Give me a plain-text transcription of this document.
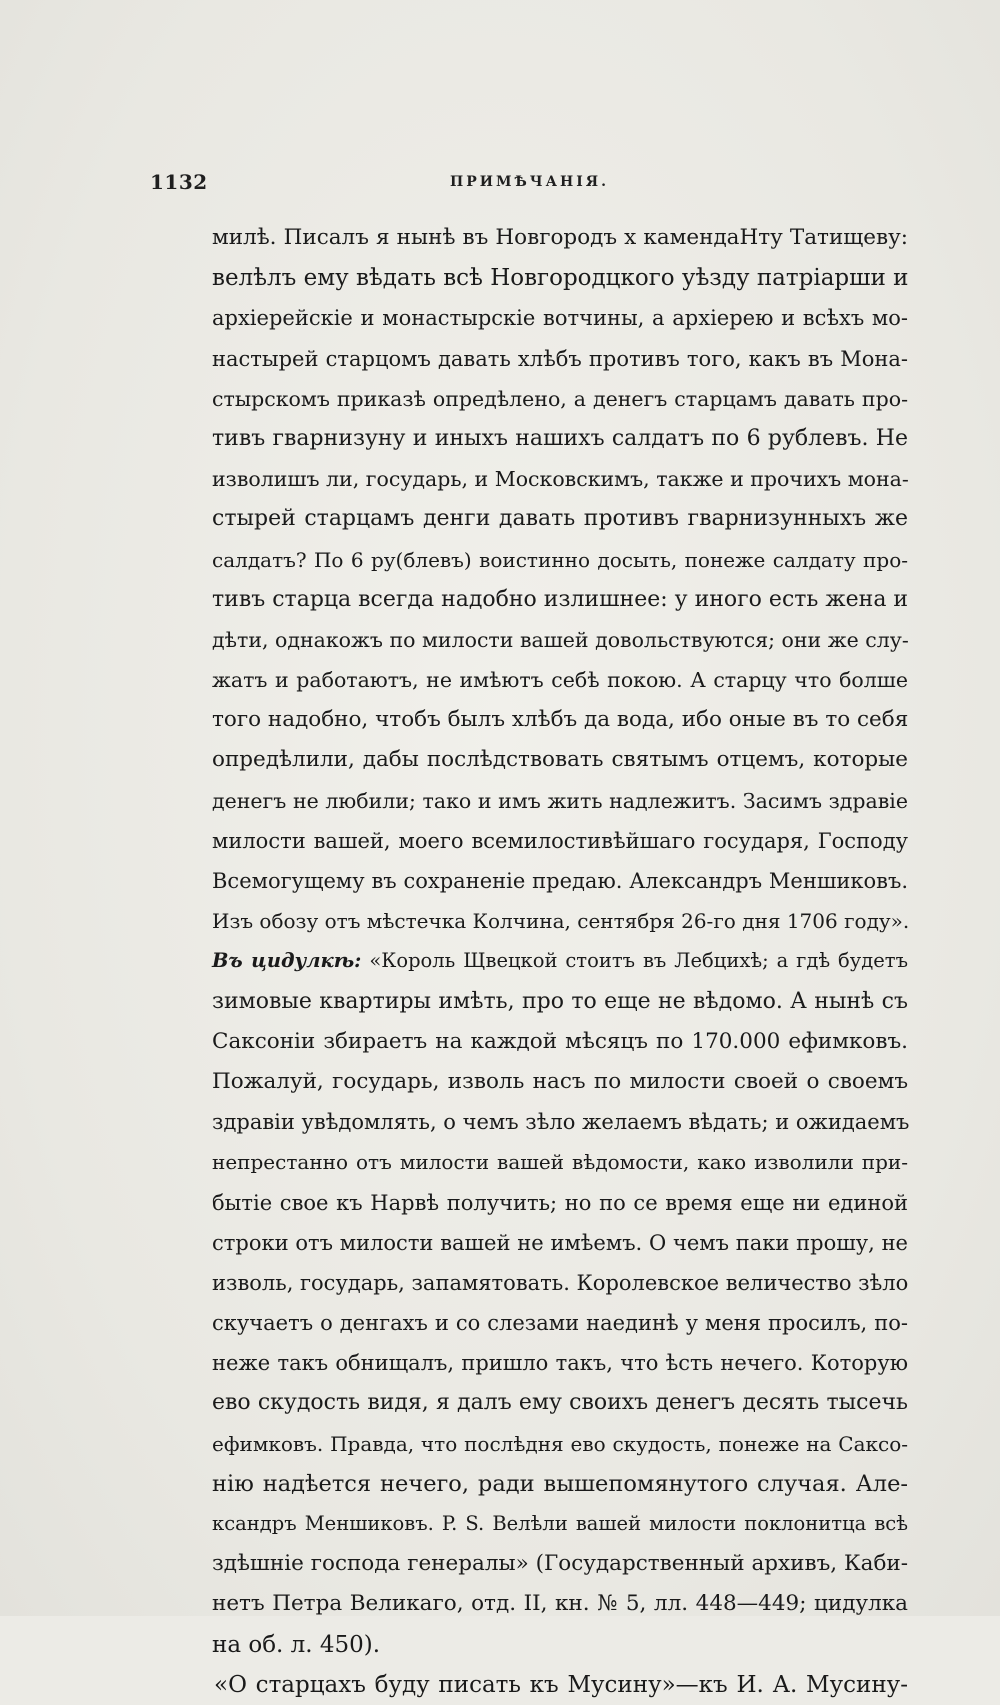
1132	ПРИМѢЧАНІЯ.
милѣ. Писалъ я нынѣ въ Новгородъ х камендаHту Татищеву:
велѣлъ ему вѣдать всѣ Новгородцкого уѣзду патріарши и
архіерейскіе и монастырскіе вотчины, а архіерею и всѣхъ мо-
настырей старцомъ давать хлѣбъ противъ того, какъ въ Мона-
стырскомъ приказѣ опредѣлено, а денегъ старцамъ давать про-
тивъ гварнизуну и иныхъ нашихъ салдатъ по 6 рублевъ. Не
изволишъ ли, государь, и Московскимъ, также и прочихъ мона-
стырей старцамъ денги давать противъ гварнизунныхъ же
салдатъ? По 6 ру(блевъ) воистинно досыть, понеже салдату про-
тивъ старца всегда надобно излишнее: у иного есть жена и
дѣти, однакожъ по милости вашей довольствуются; они же слу-
жатъ и работаютъ, не имѣютъ себѣ покою. А старцу что болше
того надобно, чтобъ былъ хлѣбъ да вода, ибо оные въ то себя
опредѣлили, дабы послѣдствовать святымъ отцемъ, которые
денегъ не любили; тако и имъ жить надлежитъ. Засимъ здравіе
милости вашей, моего всемилостивѣйшаго государя, Господу
Всемогущему въ сохраненіе предаю. Александръ Меншиковъ.
Изъ обозу отъ мѣстечка Колчина, сентября 26-го дня 1706 году».
Въ цидулкѣ: «Король Щвецкой стоитъ въ Лебцихѣ; а гдѣ будетъ
зимовые квартиры имѣть, про то еще не вѣдомо. А нынѣ съ
Саксоніи збираетъ на каждой мѣсяцъ по 170.000 ефимковъ.
Пожалуй, государь, изволь насъ по милости своей о своемъ
здравіи увѣдомлять, о чемъ зѣло желаемъ вѣдать; и ожидаемъ
непрестанно отъ милости вашей вѣдомости, како изволили при-
бытіе свое къ Нарвѣ получить; но по се время еще ни единой
строки отъ милости вашей не имѣемъ. О чемъ паки прошу, не
изволь, государь, запамятовать. Королевское величество зѣло
скучаетъ о денгахъ и со слезами наединѣ у меня просилъ, по-
неже такъ обнищалъ, пришло такъ, что ѣсть нечего. Которую
ево скудость видя, я далъ ему своихъ денегъ десять тысечь
ефимковъ. Правда, что послѣдня ево скудость, понеже на Саксо-
нію надѣется нечего, ради вышепомянутого случая. Але-
ксандръ Меншиковъ. P. S. Велѣли вашей милости поклонитца всѣ
здѣшніе господа генералы» (Государственный архивъ, Каби-
нетъ Петра Великаго, отд. II, кн. № 5, лл. 448—449; цидулка
на об. л. 450).
«О старцахъ буду писать къ Мусину»—къ И. А. Мусину-
